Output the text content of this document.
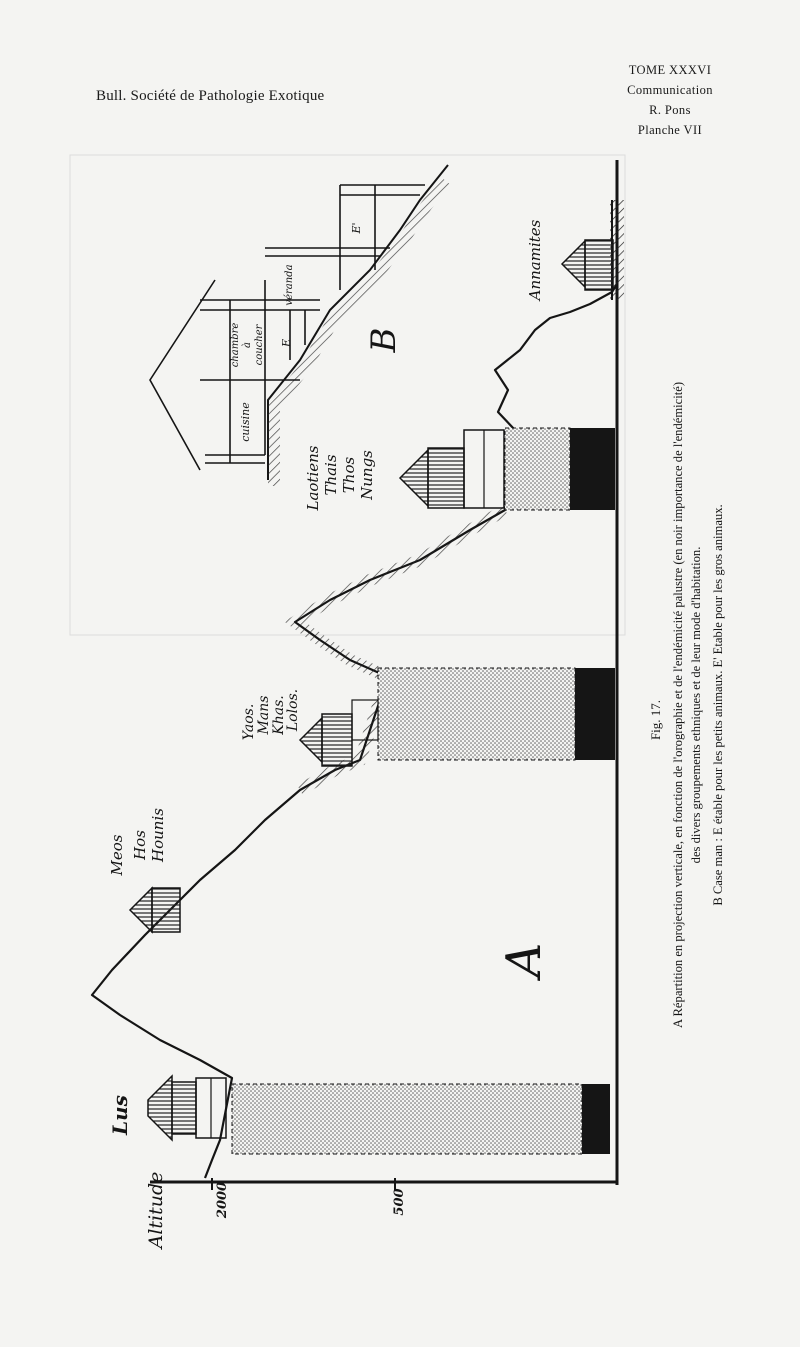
Bull. Société de Pathologie Exotique
TOME XXXVI
Communication
R. Pons
Planche VII
Altitude	2000	500
Lus
Meos Hos Hounis
Yaos. Mans Khas.
Lolos.
Laotiens Thais Thos Nungs
Annamites
A
B
cuisine
chambre à coucher
véranda
E
E'
Fig. 17. A Répartition en projection verticale, en fonction de l'orographie et de l'endémicité palustre (en noir importance de l'endémicité) des divers groupements ethniques et de leur mode d'habitation. B Case man : E étable pour les petits animaux. E' Etable pour les gros animaux.
